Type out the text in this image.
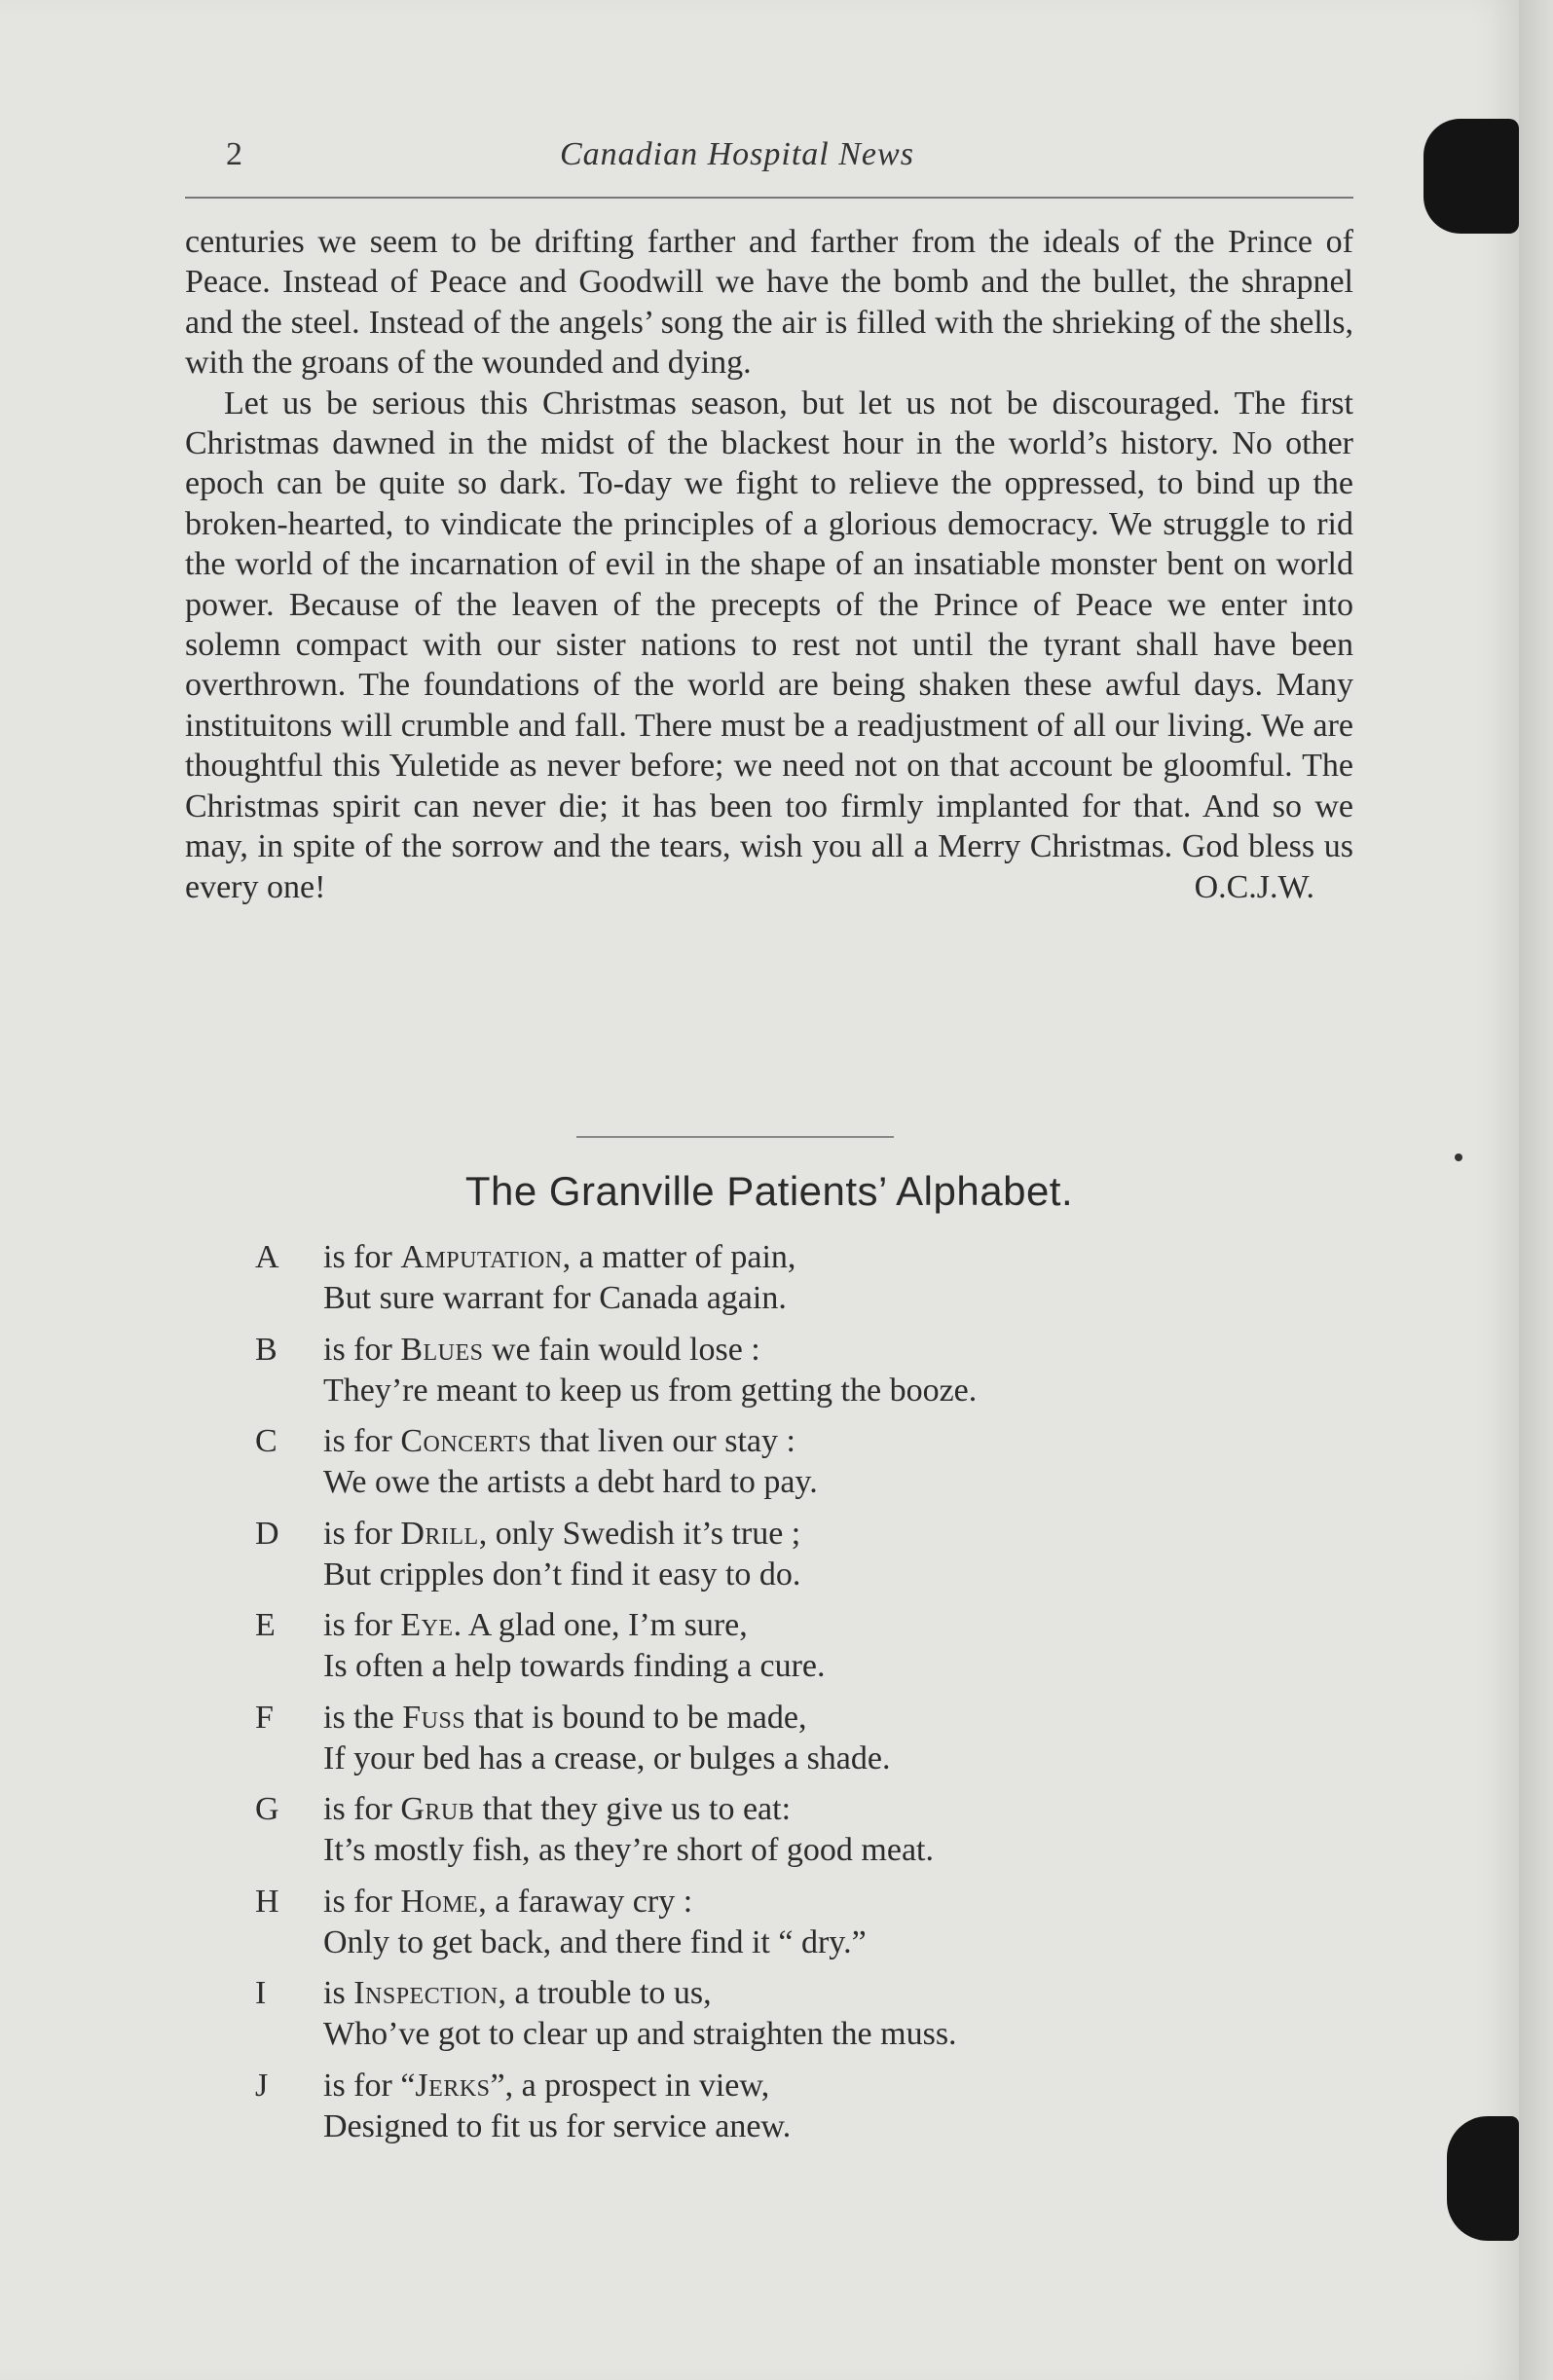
2	Canadian Hospital News

centuries we seem to be drifting farther and farther from the ideals of the Prince of Peace. Instead of Peace and Goodwill we have the bomb and the bullet, the shrapnel and the steel. Instead of the angels’ song the air is filled with the shrieking of the shells, with the groans of the wounded and dying.

Let us be serious this Christmas season, but let us not be discouraged. The first Christmas dawned in the midst of the blackest hour in the world’s history. No other epoch can be quite so dark. To-day we fight to relieve the oppressed, to bind up the broken-hearted, to vindicate the principles of a glorious democracy. We struggle to rid the world of the incarnation of evil in the shape of an insatiable monster bent on world power. Because of the leaven of the precepts of the Prince of Peace we enter into solemn compact with our sister nations to rest not until the tyrant shall have been overthrown. The foundations of the world are being shaken these awful days. Many instituitons will crumble and fall. There must be a readjustment of all our living. We are thoughtful this Yuletide as never before; we need not on that account be gloomful. The Christmas spirit can never die; it has been too firmly implanted for that. And so we may, in spite of the sorrow and the tears, wish you all a Merry Christmas. God bless us every one!	O.C.J.W.

The Granville Patients’ Alphabet.
A	is for Amputation, a matter of pain,
But sure warrant for Canada again.
B	is for Blues we fain would lose :
They’re meant to keep us from getting the booze.
C	is for Concerts that liven our stay :
We owe the artists a debt hard to pay.
D	is for Drill, only Swedish it’s true ;
But cripples don’t find it easy to do.
E	is for Eye. A glad one, I’m sure,
Is often a help towards finding a cure.
F	is the Fuss that is bound to be made,
If your bed has a crease, or bulges a shade.
G	is for Grub that they give us to eat:
It’s mostly fish, as they’re short of good meat.
H	is for Home, a faraway cry :
Only to get back, and there find it “ dry.”
I	is Inspection, a trouble to us,
Who’ve got to clear up and straighten the muss.
J	is for “Jerks”, a prospect in view,
Designed to fit us for service anew.
